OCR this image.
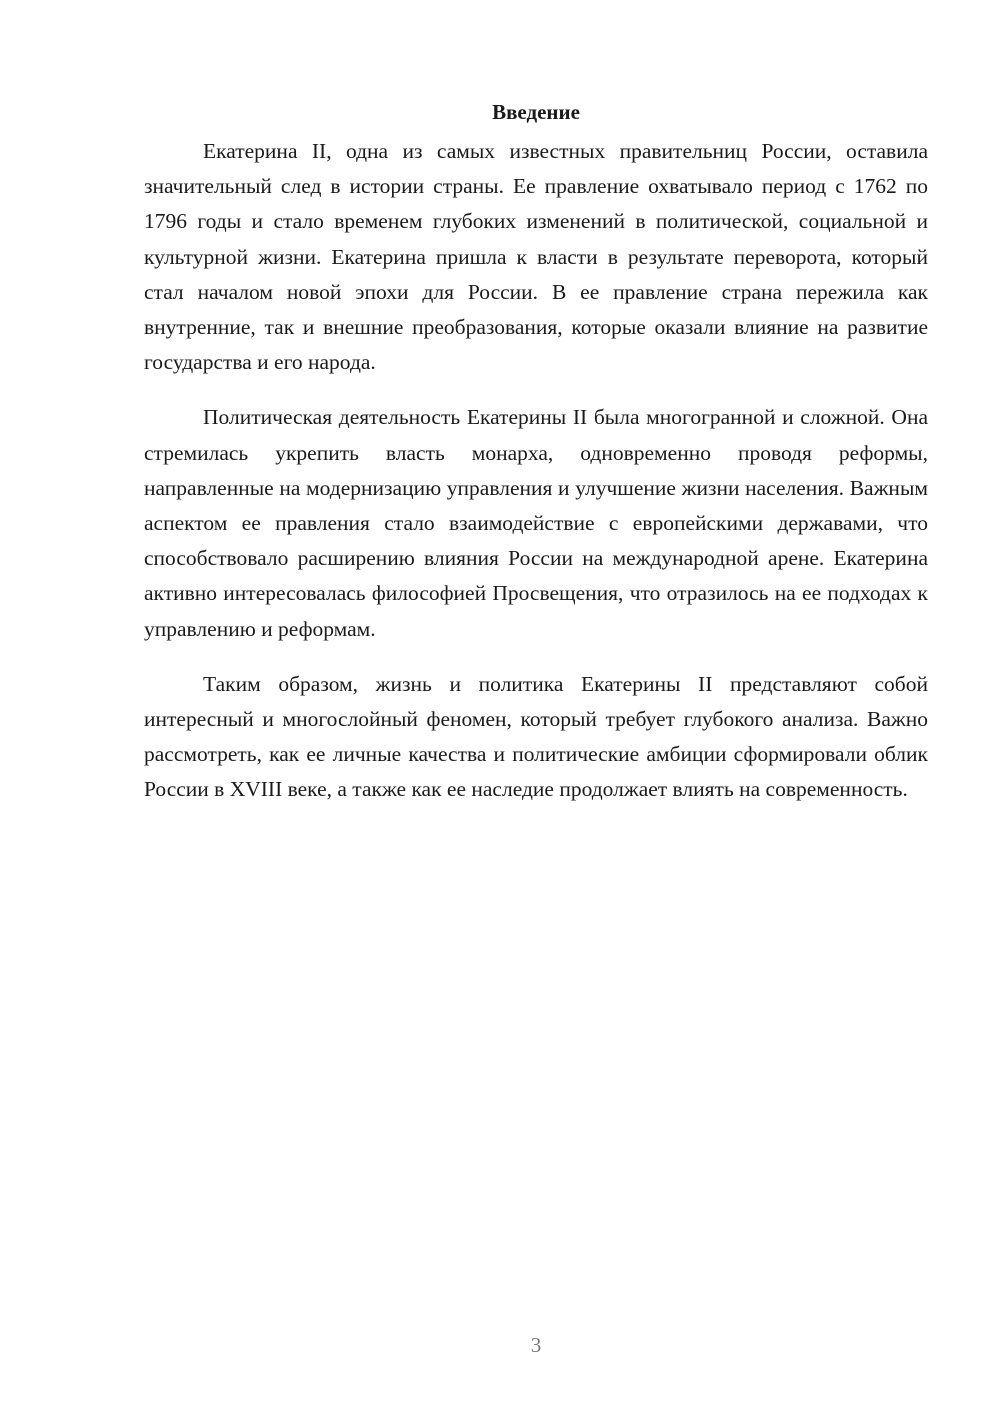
Введение

Екатерина II, одна из самых известных правительниц России, оставила значительный след в истории страны. Ее правление охватывало период с 1762 по 1796 годы и стало временем глубоких изменений в политической, социальной и культурной жизни. Екатерина пришла к власти в результате переворота, который стал началом новой эпохи для России. В ее правление страна пережила как внутренние, так и внешние преобразования, которые оказали влияние на развитие государства и его народа.

Политическая деятельность Екатерины II была многогранной и сложной. Она стремилась укрепить власть монарха, одновременно проводя реформы, направленные на модернизацию управления и улучшение жизни населения. Важным аспектом ее правления стало взаимодействие с европейскими державами, что способствовало расширению влияния России на международной арене. Екатерина активно интересовалась философией Просвещения, что отразилось на ее подходах к управлению и реформам.

Таким образом, жизнь и политика Екатерины II представляют собой интересный и многослойный феномен, который требует глубокого анализа. Важно рассмотреть, как ее личные качества и политические амбиции сформировали облик России в XVIII веке, а также как ее наследие продолжает влиять на современность.

3
